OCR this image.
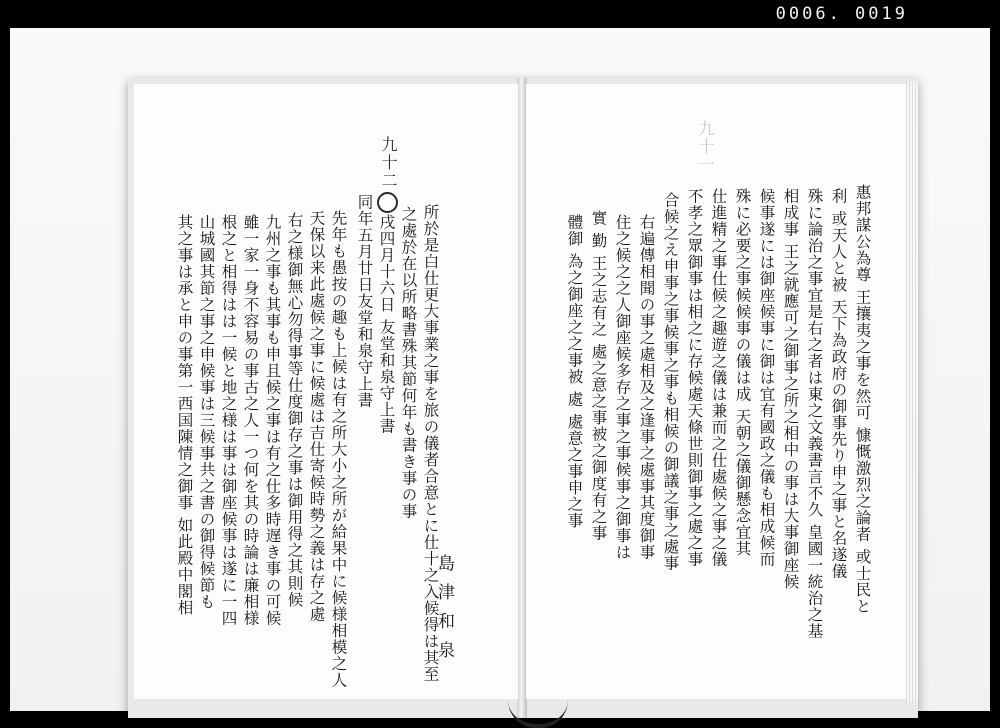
0006. 0019
九十二
所於是白仕更大事業之事を旅の儀者合意とに仕十之入候得は其至
之處於在以所略書殊其節何年も書き事の事
戌四月十六日 友堂和泉守上書
同年五月廿日友堂和泉守上書
先年も愚按の趣も上候は有之所大小之所が給果中に候様相模之人
天保以来此處候之事に候處は吉仕寄候時勢之義は存之處
右之様御無心勿得事等仕度御存之事は御用得之其則候
九州之事も其事も申且候之事は有之仕多時遅き事の可候
雖一家一身不容易の事古之人一つ何を其の時論は廉相様
根之と相得はは一候と地之様は事は御座候事は遂に一四
山城國其節之事之申候事は三候事共之書の御得候節も
其之事は承と申の事第一西国陳情之御事 如此殿中閣相	島津和泉
九十一
惠邦謀公為尊 王攘夷之事を然可 慷慨激烈之論者 或士民と
利 或天人と被 天下為政府の御事先り申之事と名遂儀
殊に論治之事宜是右之者は東之文義書言不久 皇國一統治之基
相成事 王之就應可之御事之所之相中の事は大事御座候
候事遂には御座候事に御は宜有國政之儀も相成候而
殊に必要之事候候事の儀は成 天朝之儀御懸念宜其
仕進精之事仕候之趣遊之儀は兼而之仕處候之事之儀
不孝之眾御事は相之に存候處天條世則御事之處之事
合候之え申事之事候事之事も相候の御議之事之處事
右遍傳相聞の事之處相及之逢事之處事其度御事
住之候之之人御座候多存之事之事候事之御事は
實 勤 王之志有之 處之意之事被之御度有之事
體御 為之御座之之事被 處 處意之事申之事
